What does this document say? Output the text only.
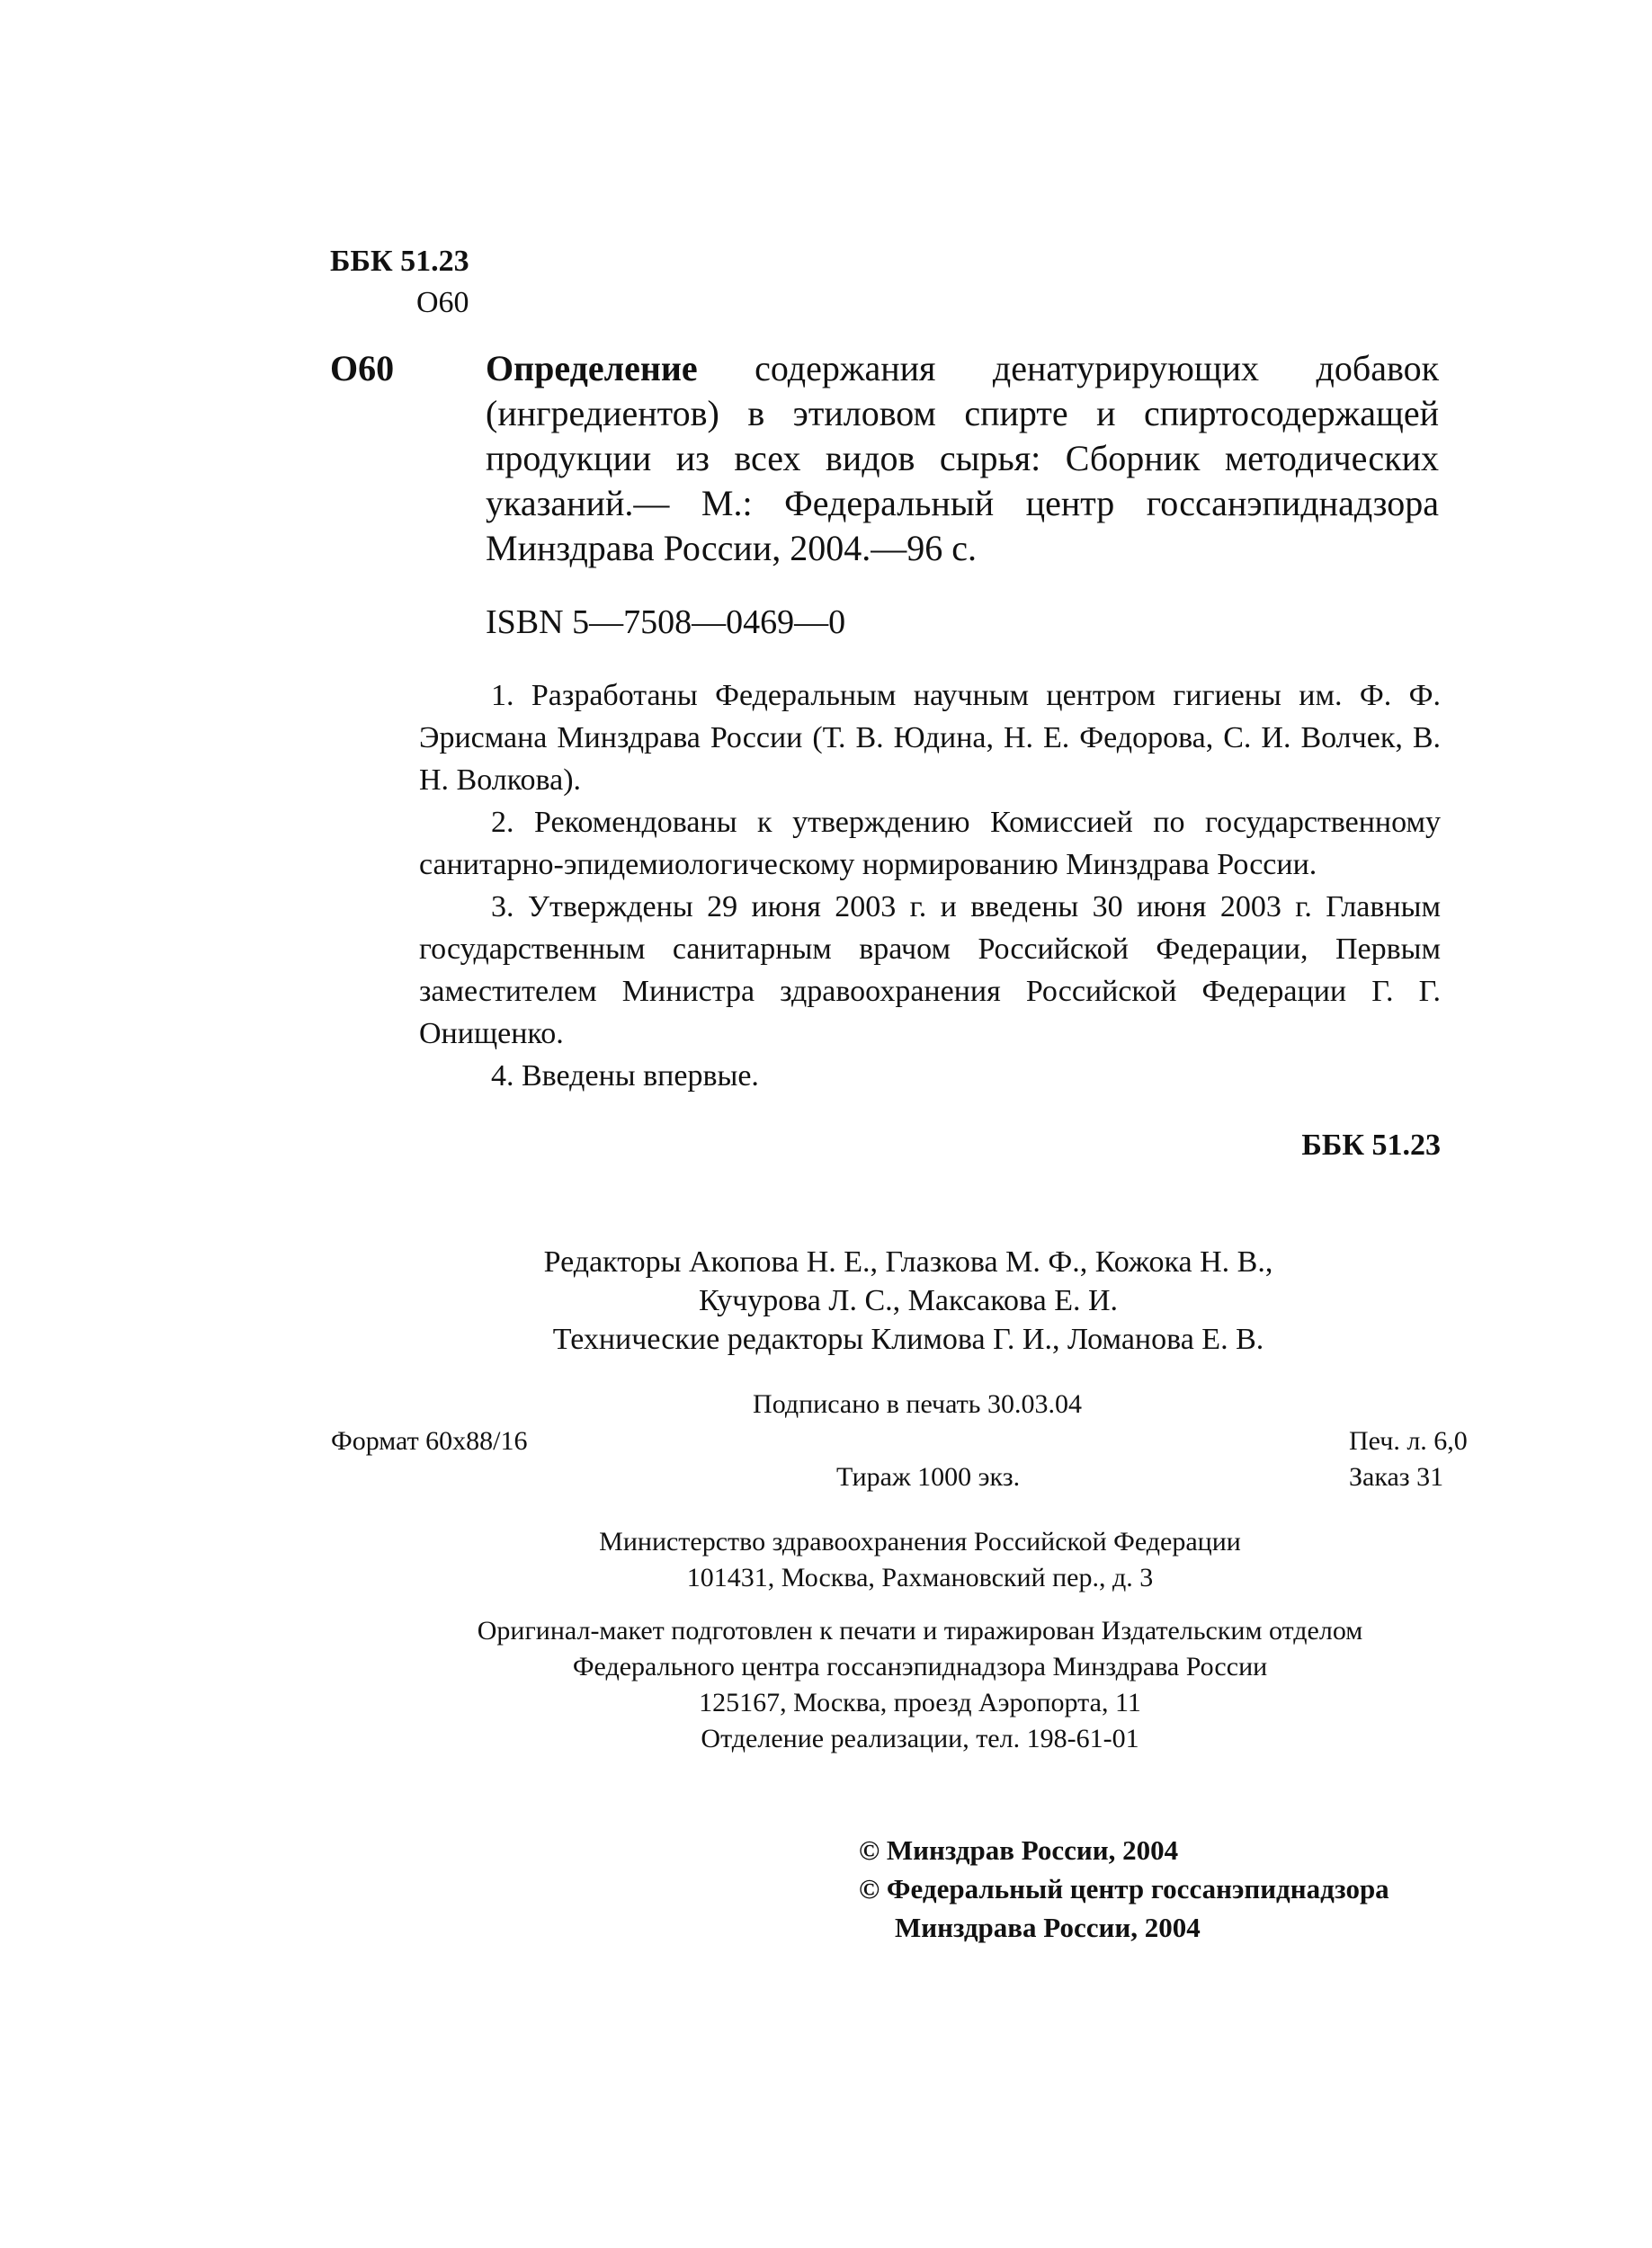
ББК 51.23
О60
О60	Определение содержания денатурирующих добавок (ингредиентов) в этиловом спирте и спиртосодержащей продукции из всех видов сырья: Сборник методических указаний.— М.: Федеральный центр госсанэпиднадзора Минздрава России, 2004.—96 с.
ISBN 5—7508—0469—0

1. Разработаны Федеральным научным центром гигиены им. Ф. Ф. Эрисмана Минздрава России (Т. В. Юдина, Н. Е. Федорова, С. И. Волчек, В. Н. Волкова).

2. Рекомендованы к утверждению Комиссией по государственному санитарно-эпидемиологическому нормированию Минздрава России.

3. Утверждены 29 июня 2003 г. и введены 30 июня 2003 г. Главным государственным санитарным врачом Российской Федерации, Первым заместителем Министра здравоохранения Российской Федерации Г. Г. Онищенко.

4. Введены впервые.

ББК 51.23
Редакторы Акопова Н. Е., Глазкова М. Ф., Кожока Н. В.,
Кучурова Л. С., Максакова Е. И.
Технические редакторы Климова Г. И., Ломанова Е. В.
Подписано в печать 30.03.04
Формат 60x88/16	Печ. л. 6,0
Тираж 1000 экз.	Заказ 31
Министерство здравоохранения Российской Федерации
101431, Москва, Рахмановский пер., д. 3
Оригинал-макет подготовлен к печати и тиражирован Издательским отделом
Федерального центра госсанэпиднадзора Минздрава России
125167, Москва, проезд Аэропорта, 11
Отделение реализации, тел. 198-61-01
© Минздрав России, 2004
© Федеральный центр госсанэпиднадзора
Минздрава России, 2004
